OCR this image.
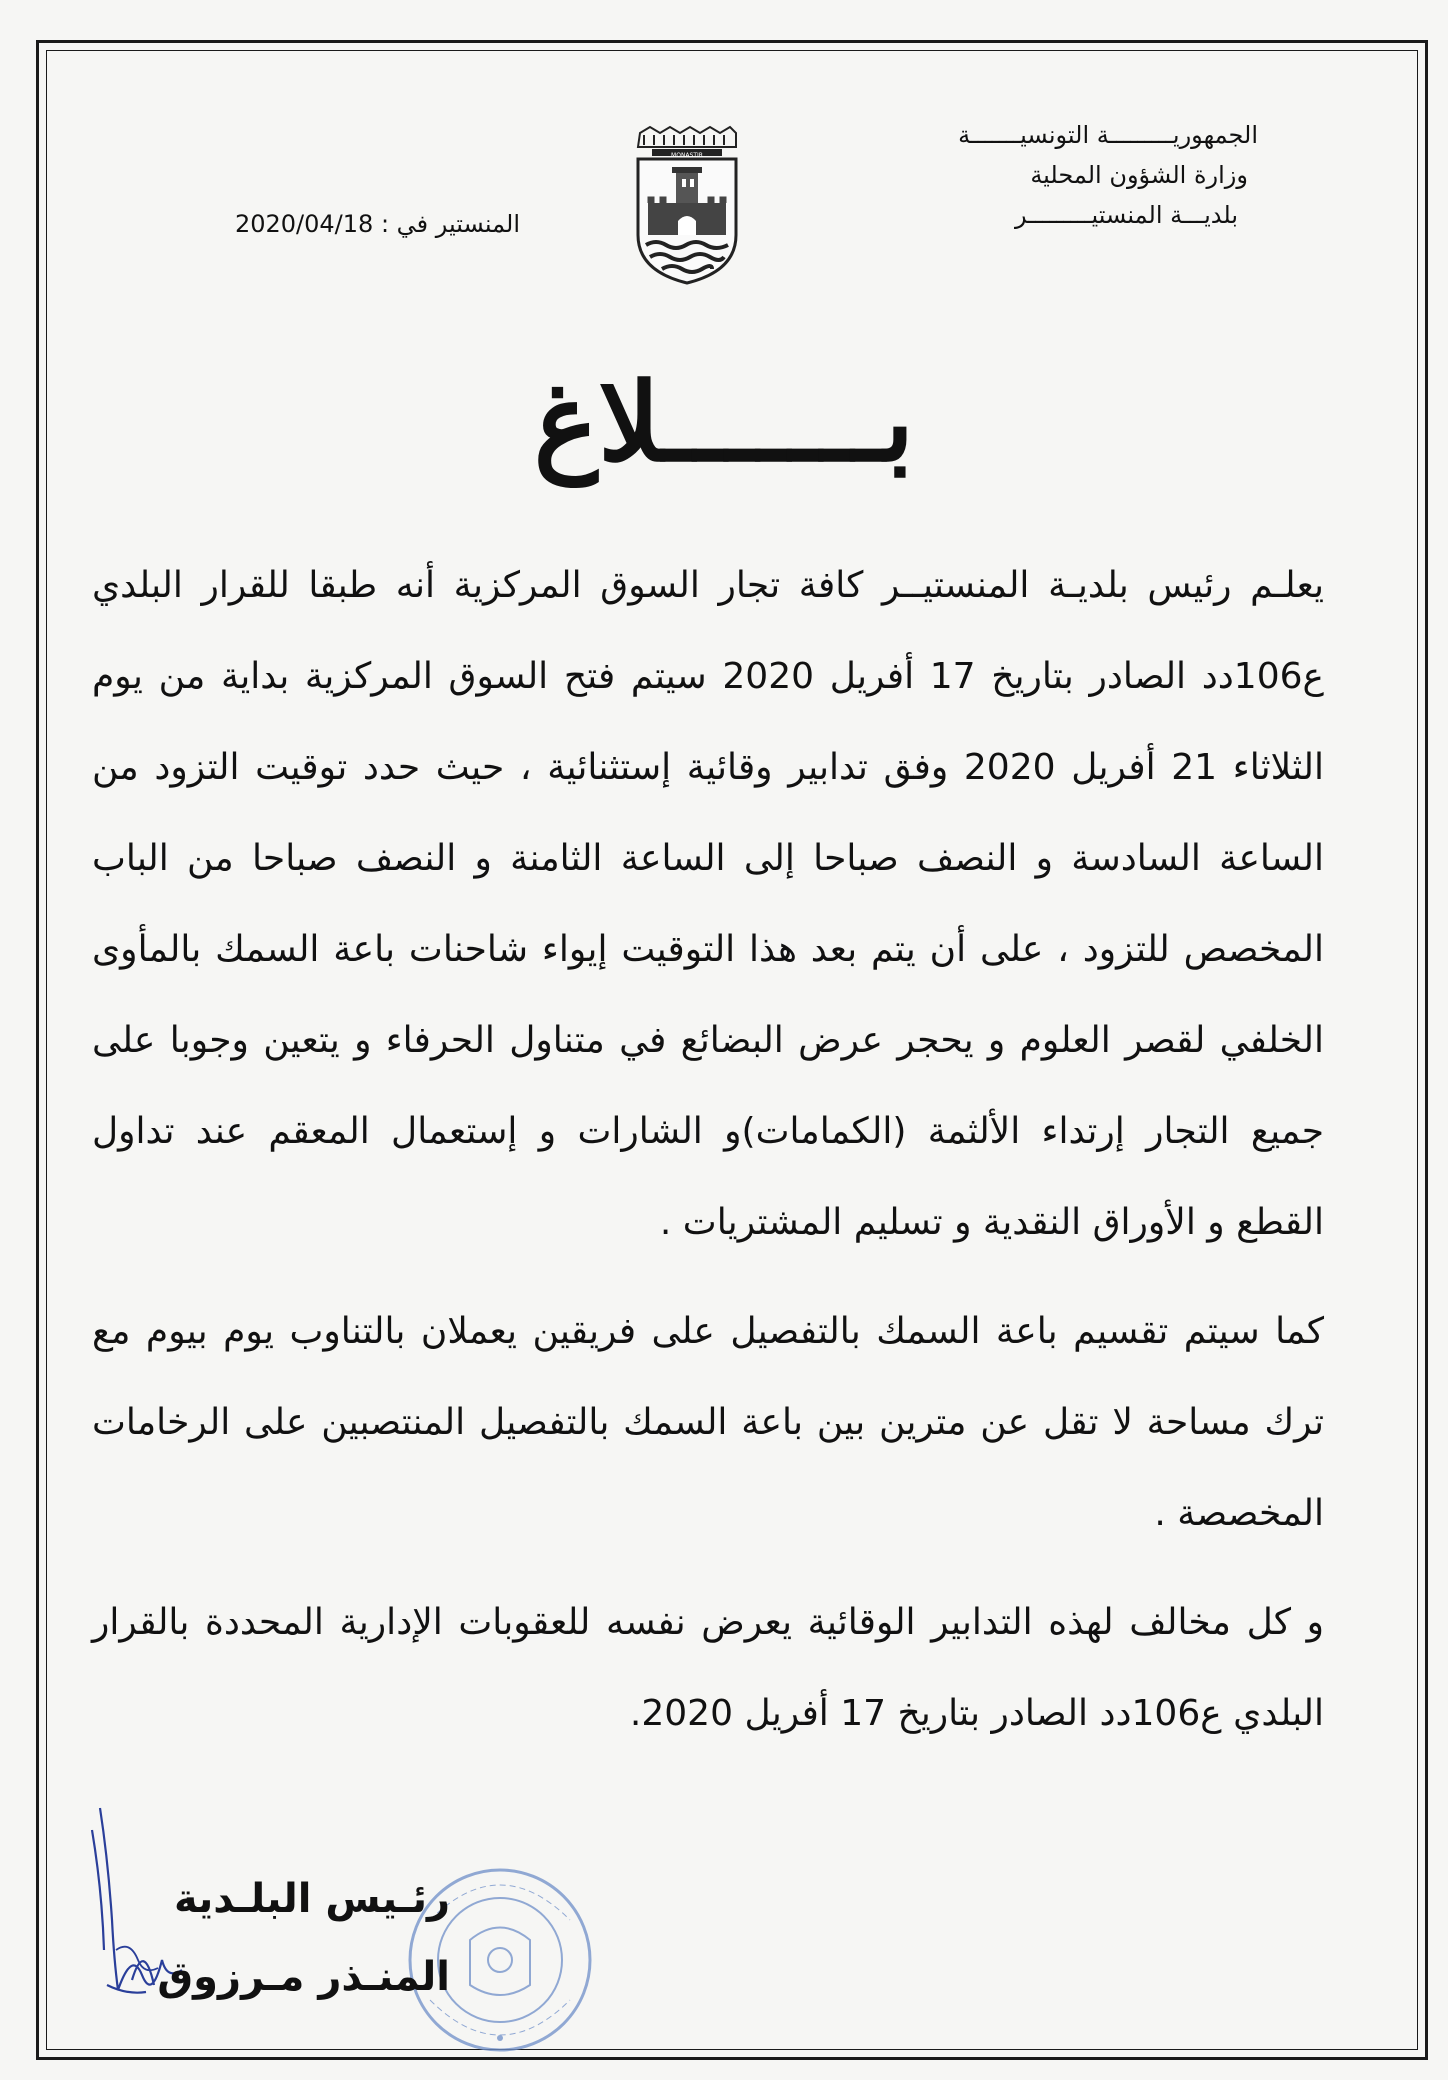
الجمهوريـــــــــة التونسيـــــــة
وزارة الشؤون المحلية
بلديـــة المنستيـــــــــر
MONASTIR
المنستير في : 2020/04/18
بـــــــلاغ

يعلـم رئيس بلديـة المنستيــر كافة تجار السوق المركزية أنه طبقا للقرار البلدي ع106دد الصادر بتاريخ 17 أفريل 2020 سيتم فتح السوق المركزية بداية من يوم الثلاثاء 21 أفريل 2020 وفق تدابير وقائية إستثنائية ، حيث حدد توقيت التزود من الساعة السادسة و النصف صباحا إلى الساعة الثامنة و النصف صباحا من الباب المخصص للتزود ، على أن يتم بعد هذا التوقيت إيواء شاحنات باعة السمك بالمأوى الخلفي لقصر العلوم و يحجر عرض البضائع في متناول الحرفاء و يتعين وجوبا على جميع التجار إرتداء الألثمة (الكمامات)و الشارات و إستعمال المعقم عند تداول القطع و الأوراق النقدية و تسليم المشتريات .

كما سيتم تقسيم باعة السمك بالتفصيل على فريقين يعملان بالتناوب يوم بيوم مع ترك مساحة لا تقل عن مترين بين باعة السمك بالتفصيل المنتصبين على الرخامات المخصصة .

و كل مخالف لهذه التدابير الوقائية يعرض نفسه للعقوبات الإدارية المحددة بالقرار البلدي ع106دد الصادر بتاريخ 17 أفريل 2020.

رئـيس البلـدية
المنـذر مـرزوق
